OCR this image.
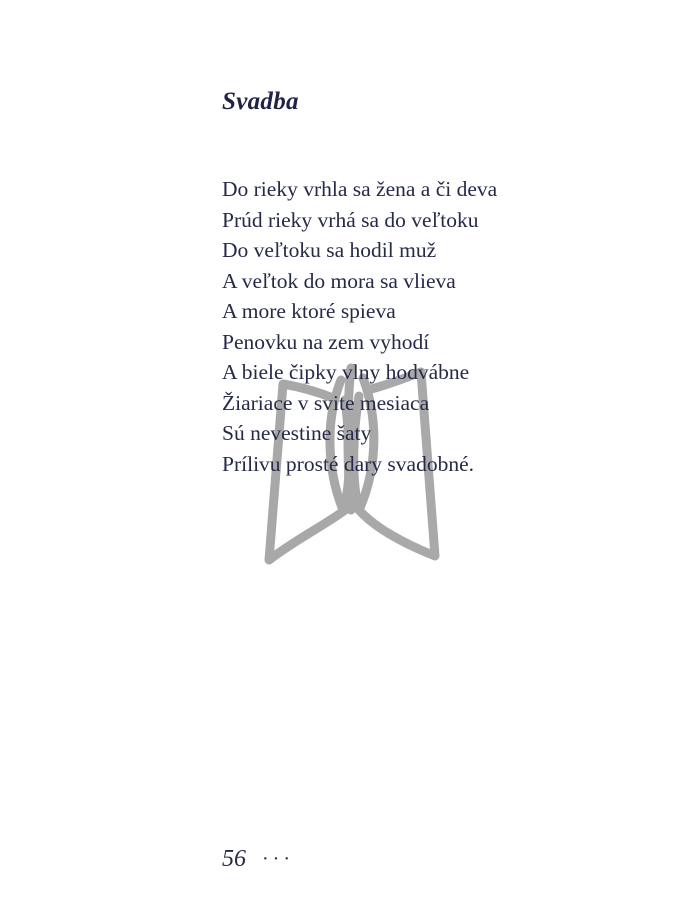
Svadba
Do rieky vrhla sa žena a či deva
Prúd rieky vrhá sa do veľtoku
Do veľtoku sa hodil muž
A veľtok do mora sa vlieva
A more ktoré spieva
Penovku na zem vyhodí
A biele čipky vlny hodvábne
Žiariace v svite mesiaca
Sú nevestine šaty
Prílivu prosté dary svadobné.
56 ···
